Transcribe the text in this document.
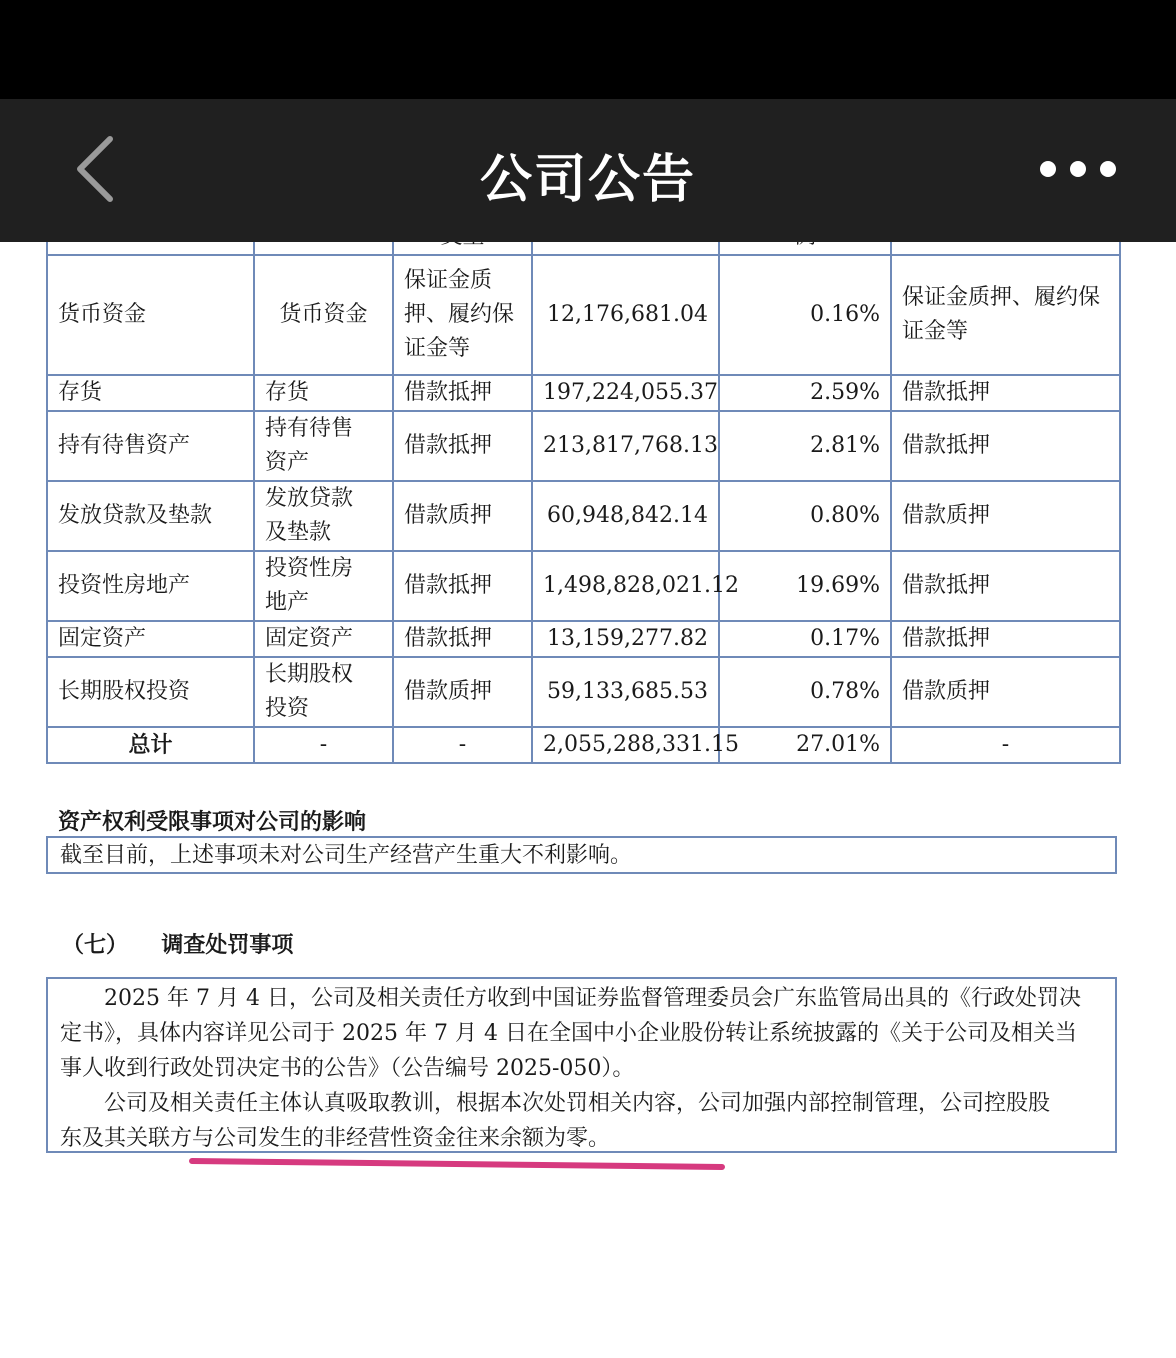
公司公告

货币资金	货币资金	保证金质
押、履约保
证金等	12,176,681.04	0.16%	保证金质押、履约保
证金等
存货	存货	借款抵押	197,224,055.37	2.59%	借款抵押
持有待售资产	持有待售
资产	借款抵押	213,817,768.13	2.81%	借款抵押
发放贷款及垫款	发放贷款
及垫款	借款质押	60,948,842.14	0.80%	借款质押
投资性房地产	投资性房
地产	借款抵押	1,498,828,021.12	19.69%	借款抵押
固定资产	固定资产	借款抵押	13,159,277.82	0.17%	借款抵押
长期股权投资	长期股权
投资	借款质押	59,133,685.53	0.78%	借款质押
总计	-	-	2,055,288,331.15	27.01%	-
资产权利受限事项对公司的影响

截至目前，上述事项未对公司生产经营产生重大不利影响。

（七） 调查处罚事项

2025 年 7 月 4 日，公司及相关责任方收到中国证券监督管理委员会广东监管局出具的《行政处罚决

定书》，具体内容详见公司于 2025 年 7 月 4 日在全国中小企业股份转让系统披露的《关于公司及相关当

事人收到行政处罚决定书的公告》（公告编号 2025-050）。

公司及相关责任主体认真吸取教训，根据本次处罚相关内容，公司加强内部控制管理，公司控股股

东及其关联方与公司发生的非经营性资金往来余额为零。
